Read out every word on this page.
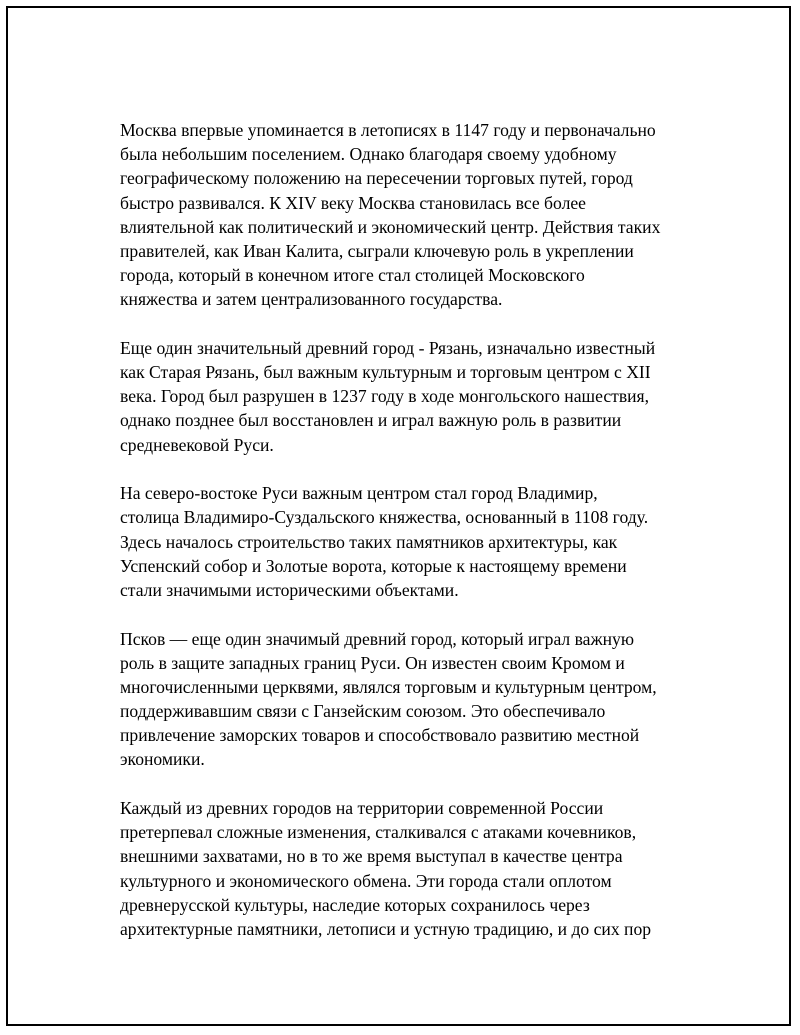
Москва впервые упоминается в летописях в 1147 году и первоначально
была небольшим поселением. Однако благодаря своему удобному
географическому положению на пересечении торговых путей, город
быстро развивался. К XIV веку Москва становилась все более
влиятельной как политический и экономический центр. Действия таких
правителей, как Иван Калита, сыграли ключевую роль в укреплении
города, который в конечном итоге стал столицей Московского
княжества и затем централизованного государства.
Еще один значительный древний город - Рязань, изначально известный
как Старая Рязань, был важным культурным и торговым центром с XII
века. Город был разрушен в 1237 году в ходе монгольского нашествия,
однако позднее был восстановлен и играл важную роль в развитии
средневековой Руси.
На северо-востоке Руси важным центром стал город Владимир,
столица Владимиро-Суздальского княжества, основанный в 1108 году.
Здесь началось строительство таких памятников архитектуры, как
Успенский собор и Золотые ворота, которые к настоящему времени
стали значимыми историческими объектами.
Псков — еще один значимый древний город, который играл важную
роль в защите западных границ Руси. Он известен своим Кромом и
многочисленными церквями, являлся торговым и культурным центром,
поддерживавшим связи с Ганзейским союзом. Это обеспечивало
привлечение заморских товаров и способствовало развитию местной
экономики.
Каждый из древних городов на территории современной России
претерпевал сложные изменения, сталкивался с атаками кочевников,
внешними захватами, но в то же время выступал в качестве центра
культурного и экономического обмена. Эти города стали оплотом
древнерусской культуры, наследие которых сохранилось через
архитектурные памятники, летописи и устную традицию, и до сих пор
